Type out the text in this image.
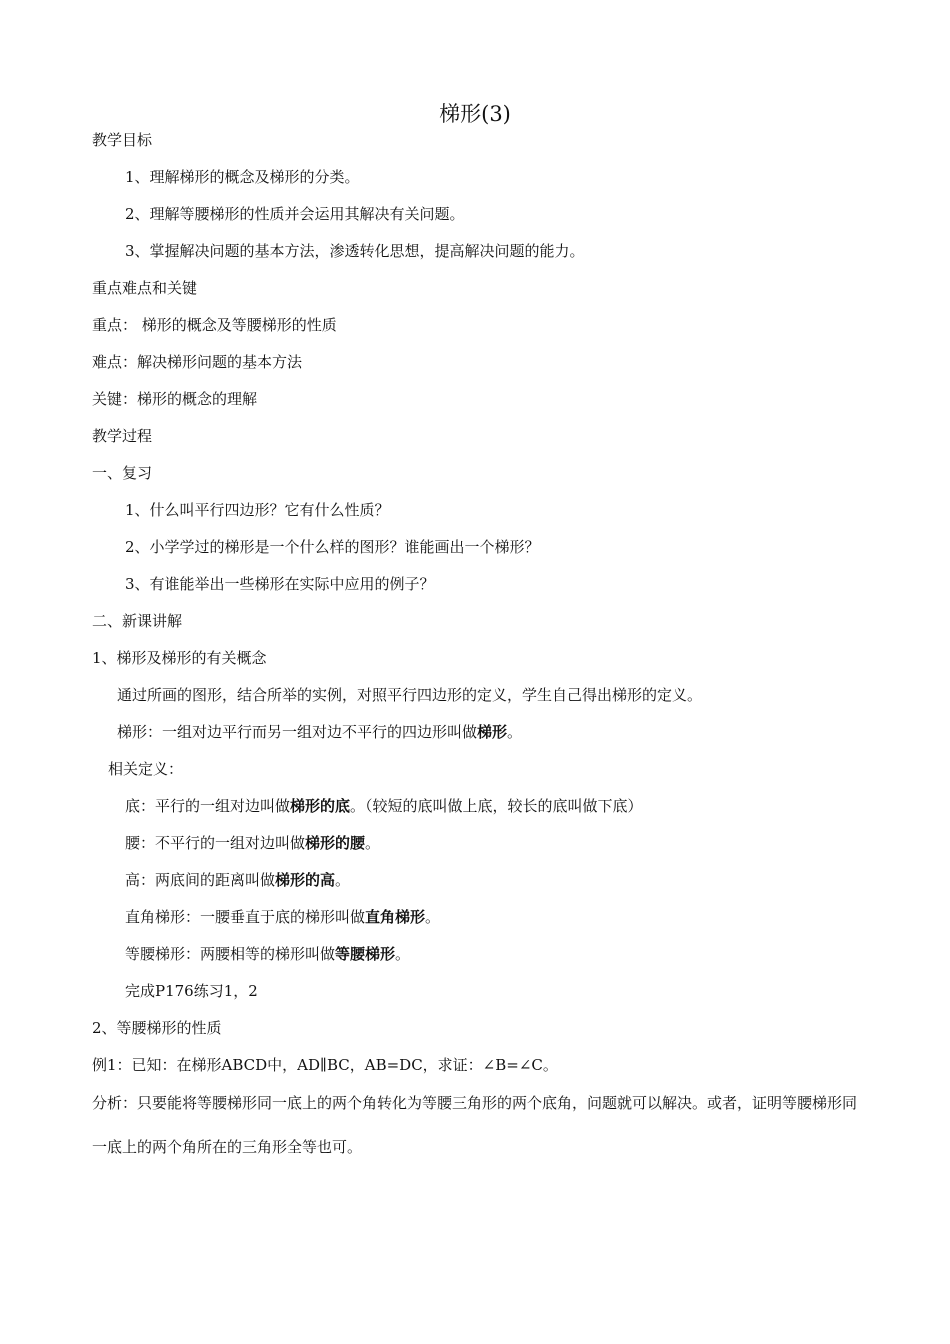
梯形(3)
教学目标
1、理解梯形的概念及梯形的分类。
2、理解等腰梯形的性质并会运用其解决有关问题。
3、掌握解决问题的基本方法，渗透转化思想，提高解决问题的能力。
重点难点和关键
重点： 梯形的概念及等腰梯形的性质
难点：解决梯形问题的基本方法
关键：梯形的概念的理解
教学过程
一、复习
1、什么叫平行四边形？它有什么性质？
2、小学学过的梯形是一个什么样的图形？谁能画出一个梯形？
3、有谁能举出一些梯形在实际中应用的例子？
二、新课讲解
1、梯形及梯形的有关概念
通过所画的图形，结合所举的实例，对照平行四边形的定义，学生自己得出梯形的定义。
梯形：一组对边平行而另一组对边不平行的四边形叫做梯形。
相关定义：
底：平行的一组对边叫做梯形的底。（较短的底叫做上底，较长的底叫做下底）
腰：不平行的一组对边叫做梯形的腰。
高：两底间的距离叫做梯形的高。
直角梯形：一腰垂直于底的梯形叫做直角梯形。
等腰梯形：两腰相等的梯形叫做等腰梯形。
完成P176练习1，2
2、等腰梯形的性质
例1：已知：在梯形ABCD中，AD∥BC，AB=DC，求证：∠B=∠C。
分析：只要能将等腰梯形同一底上的两个角转化为等腰三角形的两个底角，问题就可以解决。或者，证明等腰梯形同一底上的两个角所在的三角形全等也可。
